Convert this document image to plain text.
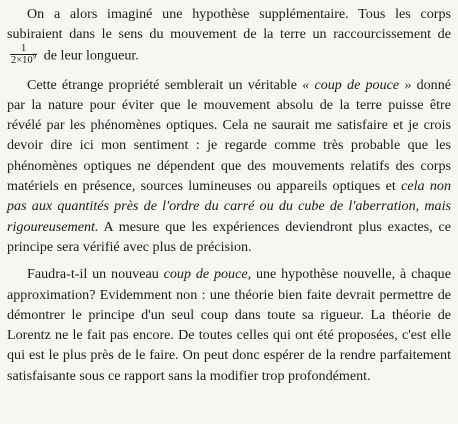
On a alors imaginé une hypothèse supplémentaire. Tous les corps subiraient dans le sens du mouvement de la terre un raccourcissement de
$\frac{1}{2\times 10^9}$ de leur longueur.

Cette étrange propriété semblerait un véritable « coup de pouce » donné par la nature pour éviter que le mouvement absolu de la terre puisse être révélé par les phénomènes optiques. Cela ne saurait me satisfaire et je crois devoir dire ici mon sentiment : je regarde comme très probable que les phénomènes optiques ne dépendent que des mouvements relatifs des corps matériels en présence, sources lumineuses ou appareils optiques et cela non pas aux quantités près de l'ordre du carré ou du cube de l'aberration, mais rigoureusement. A mesure que les expériences deviendront plus exactes, ce principe sera vérifié avec plus de précision.

Faudra-t-il un nouveau coup de pouce, une hypothèse nouvelle, à chaque approximation? Evidemment non : une théorie bien faite devrait permettre de démontrer le principe d'un seul coup dans toute sa rigueur. La théorie de Lorentz ne le fait pas encore. De toutes celles qui ont été proposées, c'est elle qui est le plus près de le faire. On peut donc espérer de la rendre parfaitement satisfaisante sous ce rapport sans la modifier trop profondément.
